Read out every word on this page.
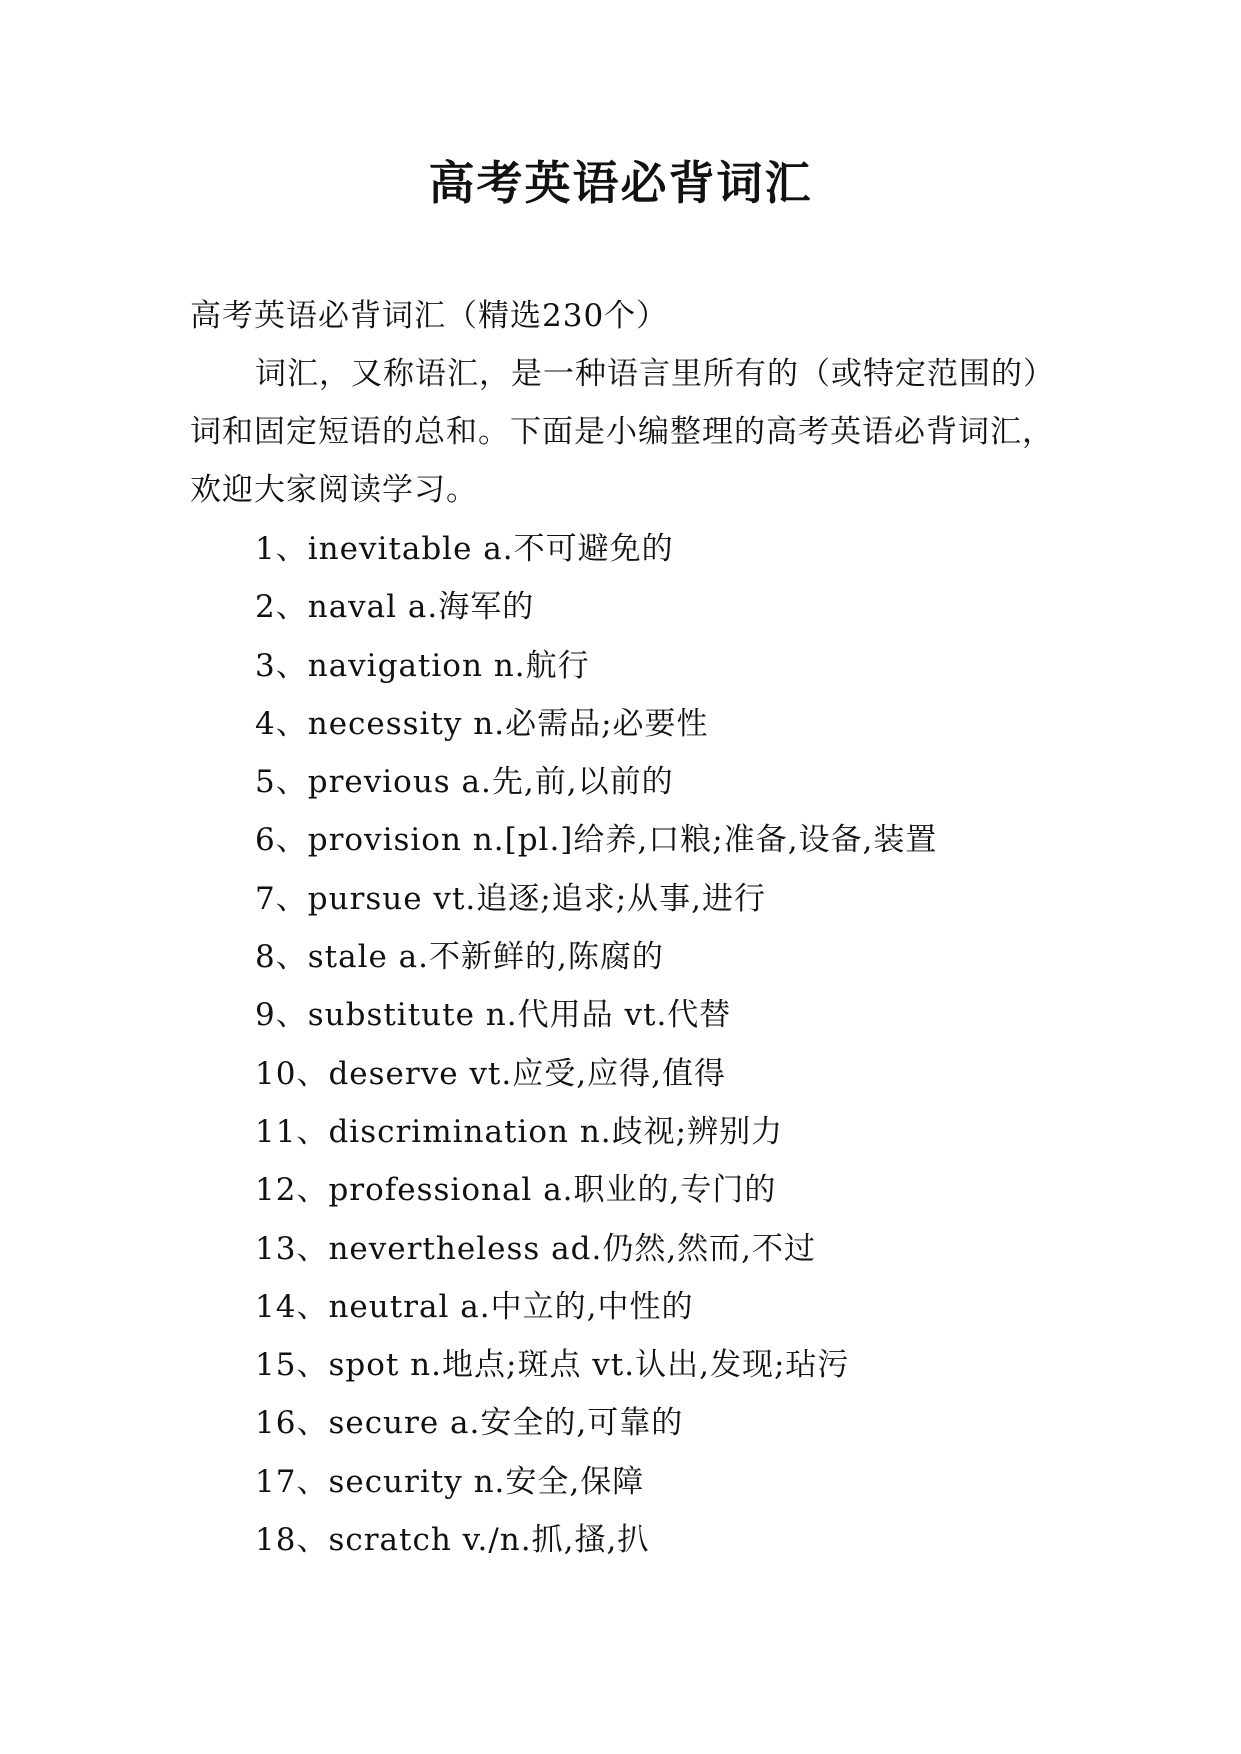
高考英语必背词汇
高考英语必背词汇（精选230个）
词汇，又称语汇，是一种语言里所有的（或特定范围的）
词和固定短语的总和。下面是小编整理的高考英语必背词汇，
欢迎大家阅读学习。
1、inevitable a.不可避免的
2、naval a.海军的
3、navigation n.航行
4、necessity n.必需品;必要性
5、previous a.先,前,以前的
6、provision n.[pl.]给养,口粮;准备,设备,装置
7、pursue vt.追逐;追求;从事,进行
8、stale a.不新鲜的,陈腐的
9、substitute n.代用品 vt.代替
10、deserve vt.应受,应得,值得
11、discrimination n.歧视;辨别力
12、professional a.职业的,专门的
13、nevertheless ad.仍然,然而,不过
14、neutral a.中立的,中性的
15、spot n.地点;斑点 vt.认出,发现;玷污
16、secure a.安全的,可靠的
17、security n.安全,保障
18、scratch v./n.抓,搔,扒
